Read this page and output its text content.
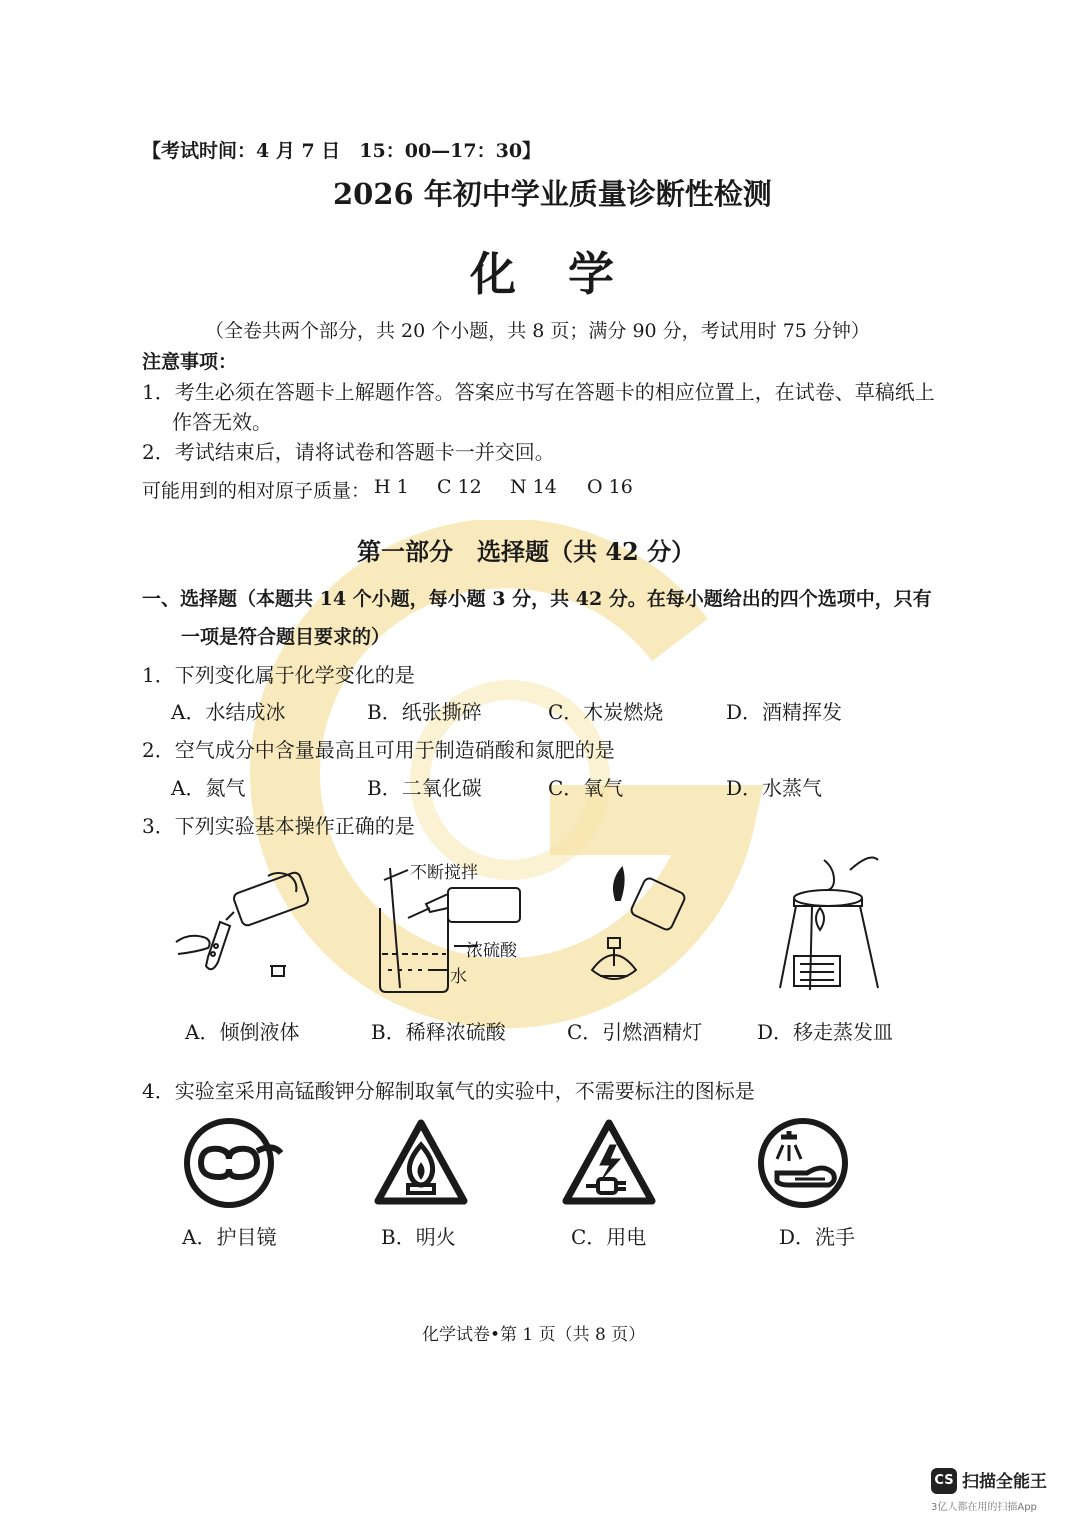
【考试时间：4 月 7 日　15：00—17：30】
2026 年初中学业质量诊断性检测
化学
（全卷共两个部分，共 20 个小题，共 8 页；满分 90 分，考试用时 75 分钟）
注意事项：
1．考生必须在答题卡上解题作答。答案应书写在答题卡的相应位置上，在试卷、草稿纸上
作答无效。
2．考试结束后，请将试卷和答题卡一并交回。
可能用到的相对原子质量： H 1 C 12 N 14 O 16
第一部分　选择题（共 42 分）
一、选择题（本题共 14 个小题，每小题 3 分，共 42 分。在每小题给出的四个选项中，只有
一项是符合题目要求的）
1．下列变化属于化学变化的是
A．水结成冰	B．纸张撕碎	C．木炭燃烧	D．酒精挥发
2．空气成分中含量最高且可用于制造硝酸和氮肥的是
A．氮气	B．二氧化碳	C．氧气	D．水蒸气
3．下列实验基本操作正确的是
不断搅拌
浓硫酸
水
A．倾倒液体	B．稀释浓硫酸	C．引燃酒精灯	D．移走蒸发皿
4．实验室采用高锰酸钾分解制取氧气的实验中，不需要标注的图标是
A．护目镜	B．明火	C．用电	D．洗手
化学试卷•第 1 页（共 8 页）
CS 扫描全能王
3亿人都在用的扫描App
